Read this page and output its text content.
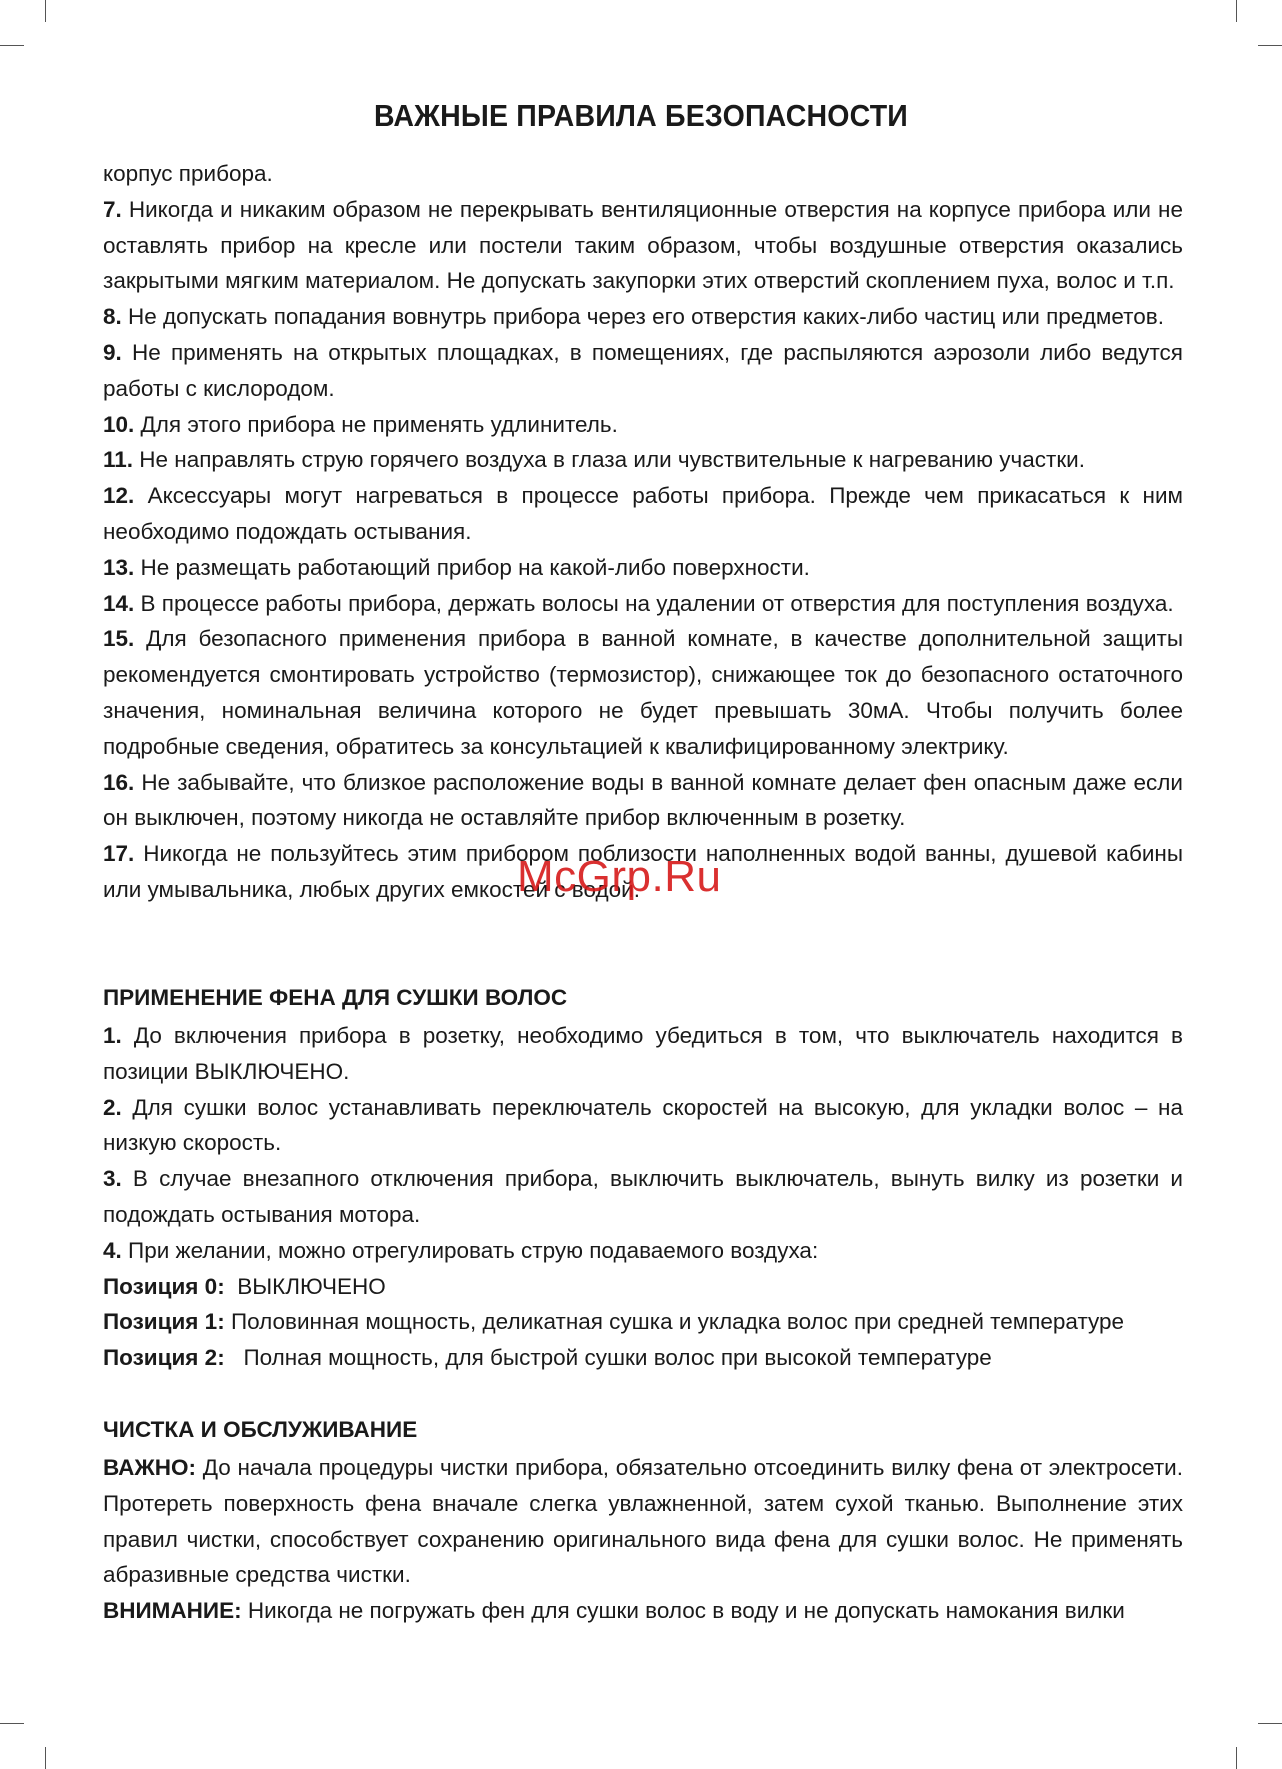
ВАЖНЫЕ ПРАВИЛА БЕЗОПАСНОСТИ

корпус прибора.

7. Никогда и никаким образом не перекрывать вентиляционные отверстия на корпусе прибора или не оставлять прибор на кресле или постели таким образом, чтобы воздушные отверстия оказались закрытыми мягким материалом. Не допускать закупорки этих отверстий скоплением пуха, волос и т.п.

8. Не допускать попадания вовнутрь прибора через его отверстия каких-либо частиц или предметов.

9. Не применять на открытых площадках, в помещениях, где распыляются аэрозоли либо ведутся работы с кислородом.

10. Для этого прибора не применять удлинитель.

11. Не направлять струю горячего воздуха в глаза или чувствительные к нагреванию участки.

12. Аксессуары могут нагреваться в процессе работы прибора. Прежде чем прикасаться к ним необходимо подождать остывания.

13. Не размещать работающий прибор на какой-либо поверхности.

14. В процессе работы прибора, держать волосы на удалении от отверстия для поступления воздуха.

15. Для безопасного применения прибора в ванной комнате, в качестве дополнительной защиты рекомендуется смонтировать устройство (термозистор), снижающее ток до безопасного остаточного значения, номинальная величина которого не будет превышать 30мА. Чтобы получить более подробные сведения, обратитесь за консультацией к квалифицированному электрику.

16. Не забывайте, что близкое расположение воды в ванной комнате делает фен опасным даже если он выключен, поэтому никогда не оставляйте прибор включенным в розетку.

17. Никогда не пользуйтесь этим прибором поблизости наполненных водой ванны, душевой кабины или умывальника, любых других емкостей с водой.

ПРИМЕНЕНИЕ ФЕНА ДЛЯ СУШКИ ВОЛОС

1. До включения прибора в розетку, необходимо убедиться в том, что выключатель находится в позиции ВЫКЛЮЧЕНО.

2. Для сушки волос устанавливать переключатель скоростей на высокую, для укладки волос – на низкую скорость.

3. В случае внезапного отключения прибора, выключить выключатель, вынуть вилку из розетки и подождать остывания мотора.

4. При желании, можно отрегулировать струю подаваемого воздуха:

Позиция 0:  ВЫКЛЮЧЕНО

Позиция 1: Половинная мощность, деликатная сушка и укладка волос при средней температуре

Позиция 2:   Полная мощность, для быстрой сушки волос при высокой температуре

ЧИСТКА И ОБСЛУЖИВАНИЕ

ВАЖНО: До начала процедуры чистки прибора, обязательно отсоединить вилку фена от электросети. Протереть поверхность фена вначале слегка увлажненной, затем сухой тканью. Выполнение этих правил чистки, способствует сохранению оригинального вида фена для сушки волос. Не применять абразивные средства чистки.

ВНИМАНИЕ: Никогда не погружать фен для сушки волос в воду и не допускать намокания вилки

McGrp.Ru
